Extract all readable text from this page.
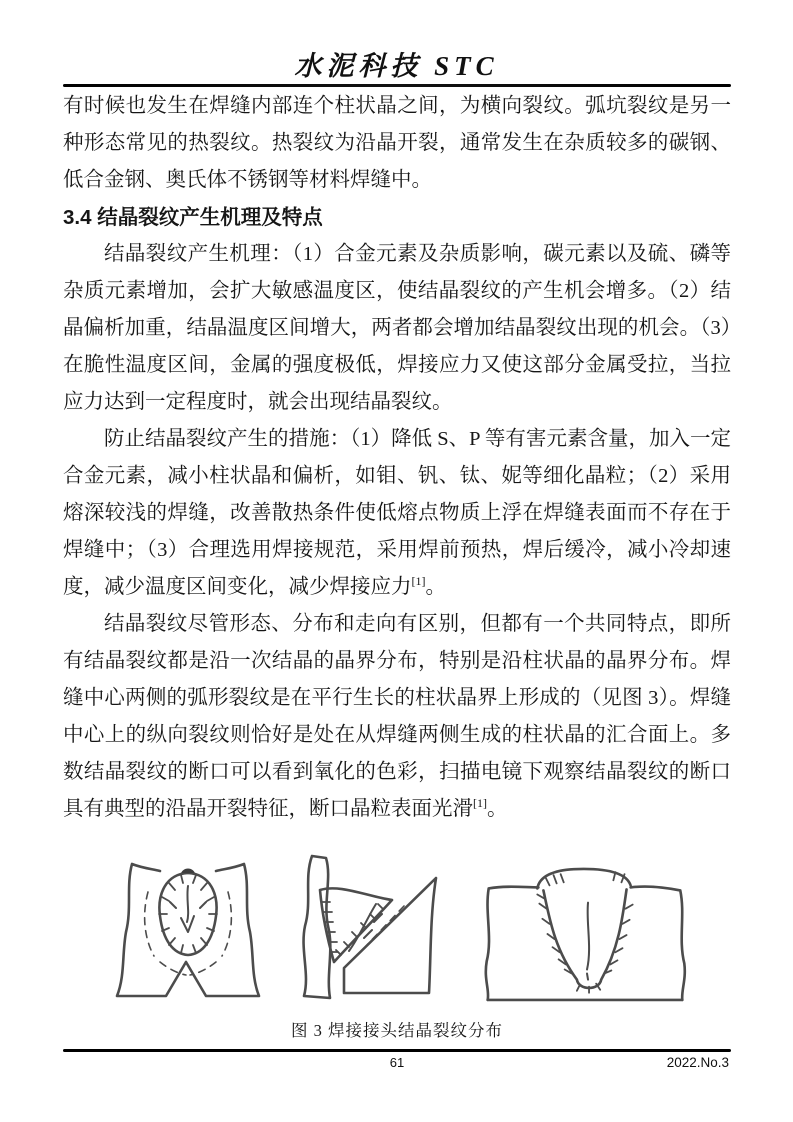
水泥科技 STC

有时候也发生在焊缝内部连个柱状晶之间，为横向裂纹。弧坑裂纹是另一种形态常见的热裂纹。热裂纹为沿晶开裂，通常发生在杂质较多的碳钢、低合金钢、奥氏体不锈钢等材料焊缝中。

3.4 结晶裂纹产生机理及特点

结晶裂纹产生机理：（1）合金元素及杂质影响，碳元素以及硫、磷等杂质元素增加，会扩大敏感温度区，使结晶裂纹的产生机会增多。（2）结晶偏析加重，结晶温度区间增大，两者都会增加结晶裂纹出现的机会。（3）在脆性温度区间，金属的强度极低，焊接应力又使这部分金属受拉，当拉应力达到一定程度时，就会出现结晶裂纹。

防止结晶裂纹产生的措施：（1）降低 S、P 等有害元素含量，加入一定合金元素，减小柱状晶和偏析，如钼、钒、钛、妮等细化晶粒；（2）采用熔深较浅的焊缝，改善散热条件使低熔点物质上浮在焊缝表面而不存在于焊缝中；（3）合理选用焊接规范，采用焊前预热，焊后缓冷，减小冷却速度，减少温度区间变化，减少焊接应力[1]。

结晶裂纹尽管形态、分布和走向有区别，但都有一个共同特点，即所有结晶裂纹都是沿一次结晶的晶界分布，特别是沿柱状晶的晶界分布。焊缝中心两侧的弧形裂纹是在平行生长的柱状晶界上形成的（见图 3）。焊缝中心上的纵向裂纹则恰好是处在从焊缝两侧生成的柱状晶的汇合面上。多数结晶裂纹的断口可以看到氧化的色彩，扫描电镜下观察结晶裂纹的断口具有典型的沿晶开裂特征，断口晶粒表面光滑[1]。

图 3 焊接接头结晶裂纹分布
61	2022.No.3
